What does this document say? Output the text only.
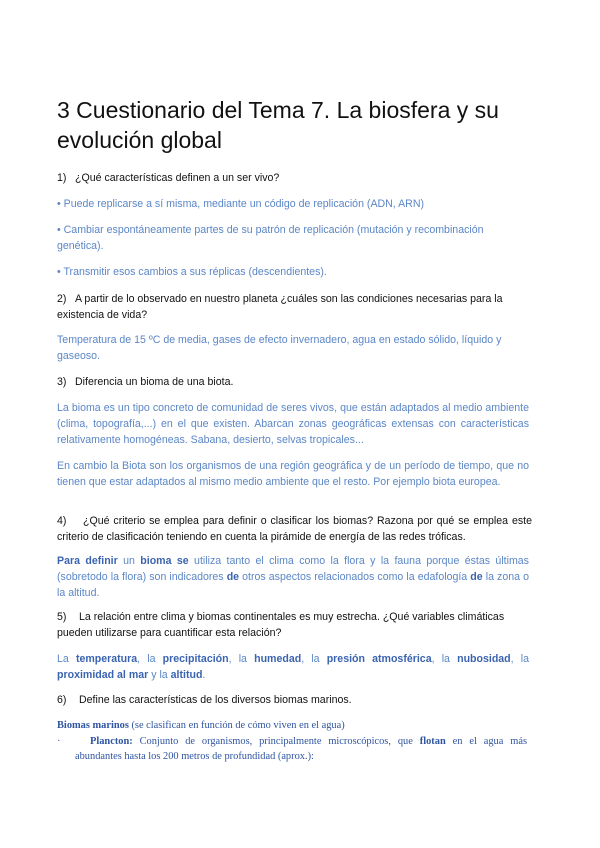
3 Cuestionario del Tema 7. La biosfera y su evolución global

1) ¿Qué características definen a un ser vivo?

• Puede replicarse a sí misma, mediante un código de replicación (ADN, ARN)

• Cambiar espontáneamente partes de su patrón de replicación (mutación y recombinación genética).

• Transmitir esos cambios a sus réplicas (descendientes).

2) A partir de lo observado en nuestro planeta ¿cuáles son las condiciones necesarias para la existencia de vida?

Temperatura de 15 ºC de media, gases de efecto invernadero, agua en estado sólido, líquido y gaseoso.

3) Diferencia un bioma de una biota.

La bioma es un tipo concreto de comunidad de seres vivos, que están adaptados al medio ambiente (clima, topografía,...) en el que existen. Abarcan zonas geográficas extensas con características relativamente homogéneas. Sabana, desierto, selvas tropicales...

En cambio la Biota son los organismos de una región geográfica y de un período de tiempo, que no tienen que estar adaptados al mismo medio ambiente que el resto. Por ejemplo biota europea.

4) ¿Qué criterio se emplea para definir o clasificar los biomas? Razona por qué se emplea este criterio de clasificación teniendo en cuenta la pirámide de energía de las redes tróficas.

Para definir un bioma se utiliza tanto el clima como la flora y la fauna porque éstas últimas (sobretodo la flora) son indicadores de otros aspectos relacionados como la edafología de la zona o la altitud.

5) La relación entre clima y biomas continentales es muy estrecha. ¿Qué variables climáticas pueden utilizarse para cuantificar esta relación?

La temperatura, la precipitación, la humedad, la presión atmosférica, la nubosidad, la proximidad al mar y la altitud.

6) Define las características de los diversos biomas marinos.

Biomas marinos (se clasifican en función de cómo viven en el agua)

·	Plancton: Conjunto de organismos, principalmente microscópicos, que flotan en el agua más abundantes hasta los 200 metros de profundidad (aprox.):
